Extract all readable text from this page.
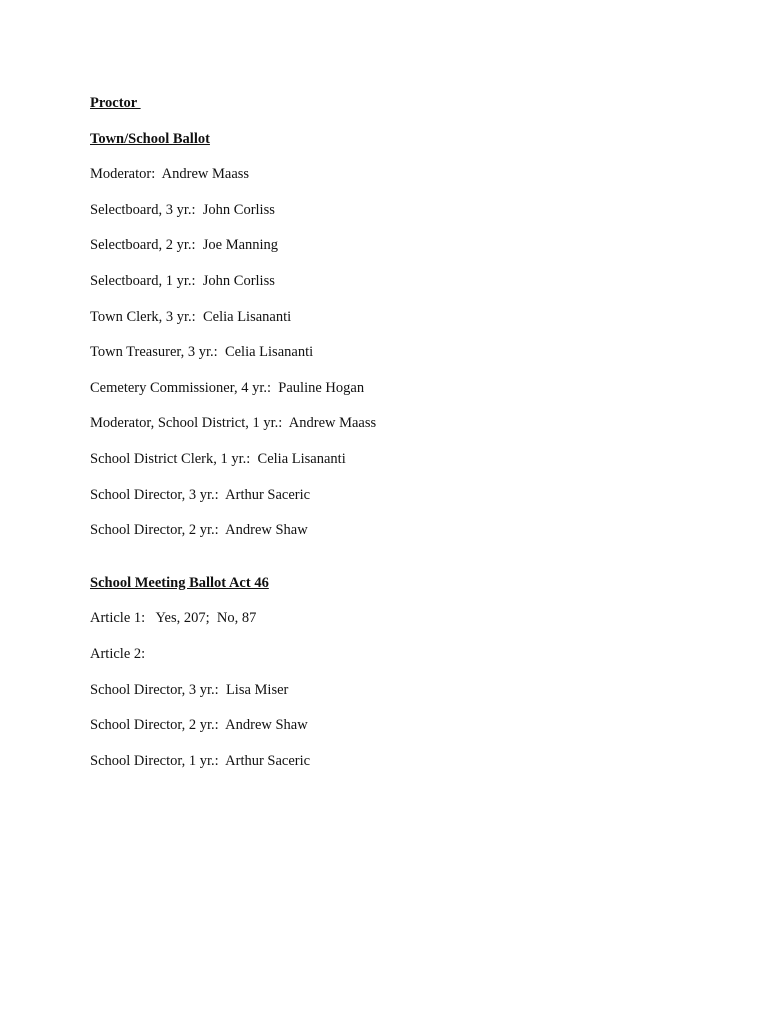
Proctor
Town/School Ballot
Moderator:  Andrew Maass
Selectboard, 3 yr.:  John Corliss
Selectboard, 2 yr.:  Joe Manning
Selectboard, 1 yr.:  John Corliss
Town Clerk, 3 yr.:  Celia Lisananti
Town Treasurer, 3 yr.:  Celia Lisananti
Cemetery Commissioner, 4 yr.:  Pauline Hogan
Moderator, School District, 1 yr.:  Andrew Maass
School District Clerk, 1 yr.:  Celia Lisananti
School Director, 3 yr.:  Arthur Saceric
School Director, 2 yr.:  Andrew Shaw
School Meeting Ballot Act 46
Article 1:   Yes, 207;  No, 87
Article 2:
School Director, 3 yr.:  Lisa Miser
School Director, 2 yr.:  Andrew Shaw
School Director, 1 yr.:  Arthur Saceric
